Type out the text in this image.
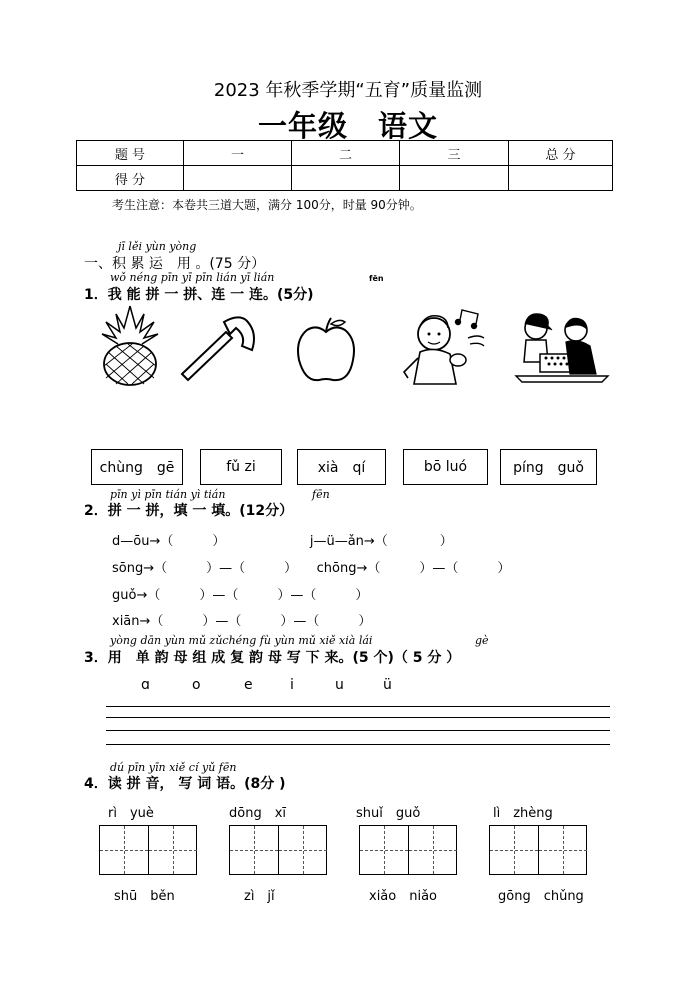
2023 年秋季学期“五育”质量监测
一年级　语文
题 号	一	二	三	总 分
得 分				
考生注意：本卷共三道大题，满分 100分，时量 90分钟。
jī lěi yùn yòng
一、积 累 运　用 。(75 分）
wǒ néng pīn yī pīn lián yī lián	fēn
1．我 能 拼 一 拼、连 一 连。(5分)
chùng　gē	fǔ zi	xià　qí	bō luó	píng　guǒ
pīn yì pīn tián yì tián	fēn
2．拼 一 拼，填 一 填。(12分）
d—ōu→（　　　）　　　　　　　j—ü—ǎn→（　　　　）
sōng→（　　　）—（　　　）　　chōng→（　　　）—（　　　）
guǒ→（　　　）—（　　　）—（　　　）
xiān→（　　　）—（　　　）—（　　　）
yòng dān yùn mǔ zǔchéng fù yùn mǔ xiě xià lái	gè
3．用　单 韵 母 组 成 复 韵 母 写 下 来。(5 个)（ 5 分 ）
ɑ	o	e	i	u	ü
dú pīn yīn xiě cí yǔ fēn
4．读 拼 音， 写 词 语。(8分 )
rì　yuè	dōng　xī	shuǐ　guǒ	lì　zhèng
shū　běn	zì　jǐ	xiǎo　niǎo	gōng　chǔng
